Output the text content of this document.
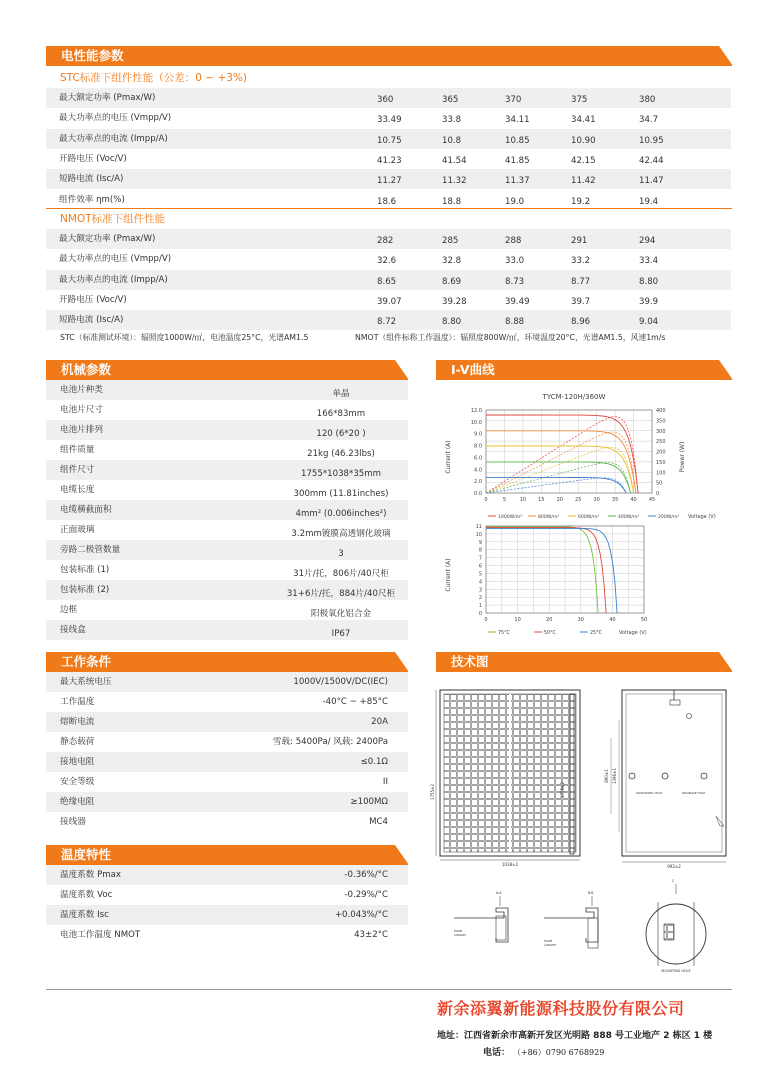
电性能参数
STC标准下组件性能（公差：0 ~ +3%)
最大额定功率 (Pmax/W)	360	365	370	375	380
最大功率点的电压 (Vmpp/V)	33.49	33.8	34.11	34.41	34.7
最大功率点的电流 (Impp/A)	10.75	10.8	10.85	10.90	10.95
开路电压 (Voc/V)	41.23	41.54	41.85	42.15	42.44
短路电流 (Isc/A)	11.27	11.32	11.37	11.42	11.47
组件效率 ηm(%)	18.6	18.8	19.0	19.2	19.4
NMOT标准下组件性能
最大额定功率 (Pmax/W)	282	285	288	291	294
最大功率点的电压 (Vmpp/V)	32.6	32.8	33.0	33.2	33.4
最大功率点的电流 (Impp/A)	8.65	8.69	8.73	8.77	8.80
开路电压 (Voc/V)	39.07	39.28	39.49	39.7	39.9
短路电流 (Isc/A)	8.72	8.80	8.88	8.96	9.04
STC（标准测试环境）：辐照度1000W/㎡，电池温度25°C，光谱AM1.5	NMOT（组件标称工作温度）：辐照度800W/㎡，环境温度20°C，光谱AM1.5，风速1m/s
机械参数
电池片种类	单晶
电池片尺寸	166*83mm
电池片排列	120 (6*20 )
组件质量	21kg (46.23lbs)
组件尺寸	1755*1038*35mm
电缆长度	300mm (11.81inches)
电缆横截面积	4mm² (0.006inches²)
正面玻璃	3.2mm镀膜高透钢化玻璃
旁路二极管数量	3
包装标准 (1)	31片/托，806片/40尺柜
包装标准 (2)	31+6片/托，884片/40尺柜
边框	阳极氧化铝合金
接线盒	IP67
工作条件
最大系统电压	1000V/1500V/DC(IEC)
工作温度	-40°C ~ +85°C
熔断电流	20A
静态载荷	雪载: 5400Pa/ 风载: 2400Pa
接地电阻	≤0.1Ω
安全等级	II
绝缘电阻	≥100MΩ
接线器	MC4
温度特性
温度系数 Pmax	-0.36%/°C
温度系数 Voc	-0.29%/°C
温度系数 Isc	+0.043%/°C
电池工作温度 NMOT	43±2°C
I-V曲线
TYCM-120H/360W
12.0
10.0
9.0
8.0
6.0
4.0
2.0
0.0
400
350
300
250
200
150
100
50
0
0	5	10 15 20 25 30 35 40 45
Current (A)	Power (W)
Voltage (V)
1000W/m²	800W/m²	600W/m²	400W/m²	200W/m²
11
10
9
8
7
6
5
4
3
2
1
0
0	10	20	30	40	50
Current (A)
Voltage (V)
75°C	50°C	25°C
技术图
1755±2
1038±2
1755±2	GROUNDING HOLE	DRAINAGE HOLE
992±2
1396±1
890±1
A-A
FRAME
LAMINATE
B-B
FRAME
LAMINATE
C
MOUNTING HOLE
新余添翼新能源科技股份有限公司
地址：江西省新余市高新开发区光明路 888 号工业地产 2 栋区 1 楼
电话： （+86）0790 6768929
